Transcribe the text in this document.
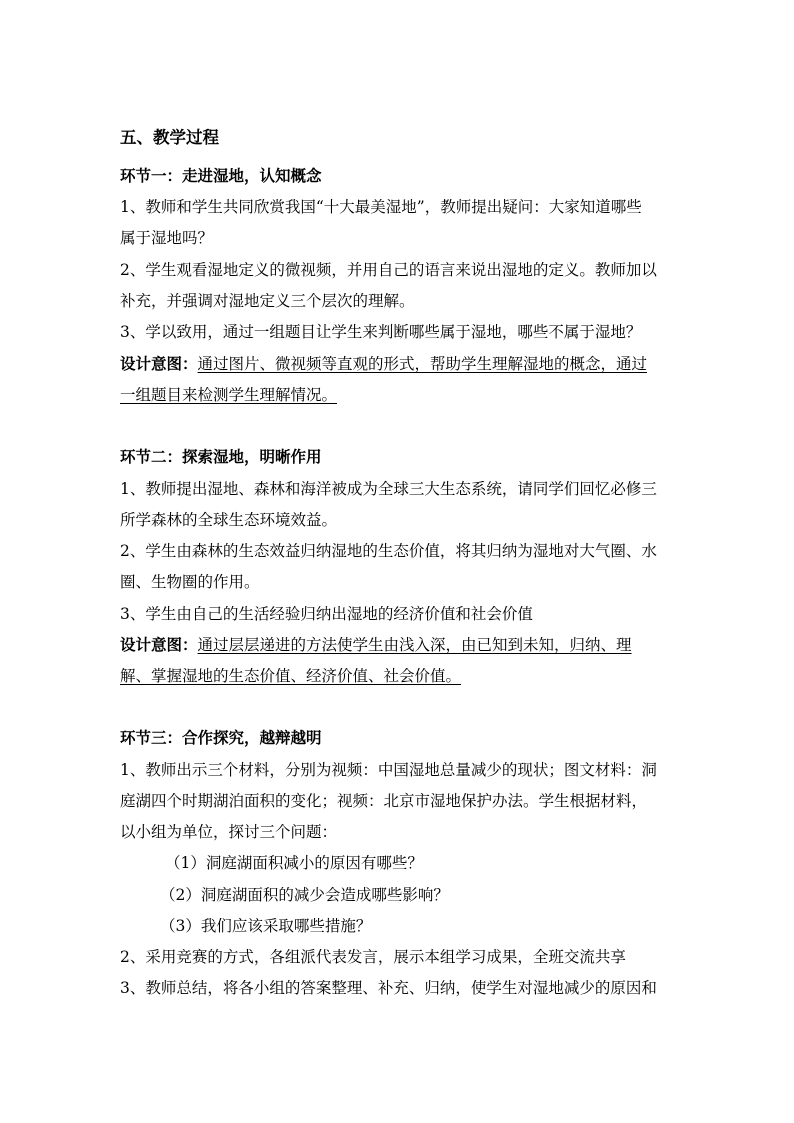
五、教学过程
环节一：走进湿地，认知概念
1、教师和学生共同欣赏我国“十大最美湿地”，教师提出疑问：大家知道哪些
属于湿地吗？
2、学生观看湿地定义的微视频，并用自己的语言来说出湿地的定义。教师加以
补充，并强调对湿地定义三个层次的理解。
3、学以致用，通过一组题目让学生来判断哪些属于湿地，哪些不属于湿地？
设计意图：通过图片、微视频等直观的形式，帮助学生理解湿地的概念，通过
一组题目来检测学生理解情况。
环节二：探索湿地，明晰作用
1、教师提出湿地、森林和海洋被成为全球三大生态系统，请同学们回忆必修三
所学森林的全球生态环境效益。
2、学生由森林的生态效益归纳湿地的生态价值，将其归纳为湿地对大气圈、水
圈、生物圈的作用。
3、学生由自己的生活经验归纳出湿地的经济价值和社会价值
设计意图：通过层层递进的方法使学生由浅入深，由已知到未知，归纳、理
解、掌握湿地的生态价值、经济价值、社会价值。
环节三：合作探究，越辩越明
1、教师出示三个材料，分别为视频：中国湿地总量减少的现状；图文材料：洞
庭湖四个时期湖泊面积的变化；视频：北京市湿地保护办法。学生根据材料，
以小组为单位，探讨三个问题：
（1）洞庭湖面积减小的原因有哪些？
（2）洞庭湖面积的减少会造成哪些影响？
（3）我们应该采取哪些措施？
2、采用竞赛的方式，各组派代表发言，展示本组学习成果，全班交流共享
3、教师总结，将各小组的答案整理、补充、归纳，使学生对湿地减少的原因和
